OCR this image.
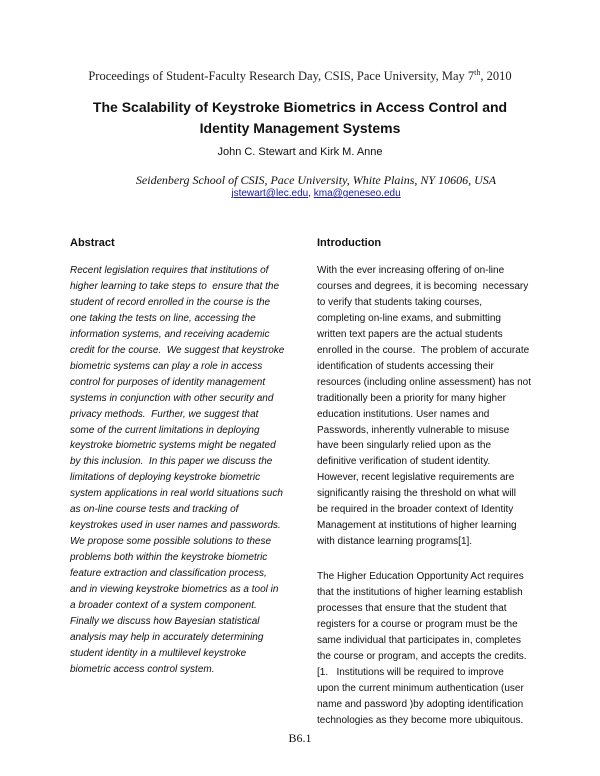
Proceedings of Student-Faculty Research Day, CSIS, Pace University, May 7th, 2010
The Scalability of Keystroke Biometrics in Access Control and Identity Management Systems
John C. Stewart and Kirk M. Anne
Seidenberg School of CSIS, Pace University, White Plains, NY 10606, USA
jstewart@lec.edu, kma@geneseo.edu
Abstract
Recent legislation requires that institutions of
higher learning to take steps to  ensure that the
student of record enrolled in the course is the
one taking the tests on line, accessing the
information systems, and receiving academic
credit for the course.  We suggest that keystroke
biometric systems can play a role in access
control for purposes of identity management
systems in conjunction with other security and
privacy methods.  Further, we suggest that
some of the current limitations in deploying
keystroke biometric systems might be negated
by this inclusion.  In this paper we discuss the
limitations of deploying keystroke biometric
system applications in real world situations such
as on-line course tests and tracking of
keystrokes used in user names and passwords.
We propose some possible solutions to these
problems both within the keystroke biometric
feature extraction and classification process,
and in viewing keystroke biometrics as a tool in
a broader context of a system component.
Finally we discuss how Bayesian statistical
analysis may help in accurately determining
student identity in a multilevel keystroke
biometric access control system.
Introduction
With the ever increasing offering of on-line
courses and degrees, it is becoming  necessary
to verify that students taking courses,
completing on-line exams, and submitting
written text papers are the actual students
enrolled in the course.  The problem of accurate
identification of students accessing their
resources (including online assessment) has not
traditionally been a priority for many higher
education institutions. User names and
Passwords, inherently vulnerable to misuse
have been singularly relied upon as the
definitive verification of student identity.
However, recent legislative requirements are
significantly raising the threshold on what will
be required in the broader context of Identity
Management at institutions of higher learning
with distance learning programs[1].
The Higher Education Opportunity Act requires
that the institutions of higher learning establish
processes that ensure that the student that
registers for a course or program must be the
same individual that participates in, completes
the course or program, and accepts the credits.
[1.   Institutions will be required to improve
upon the current minimum authentication (user
name and password )by adopting identification
technologies as they become more ubiquitous.
B6.1
